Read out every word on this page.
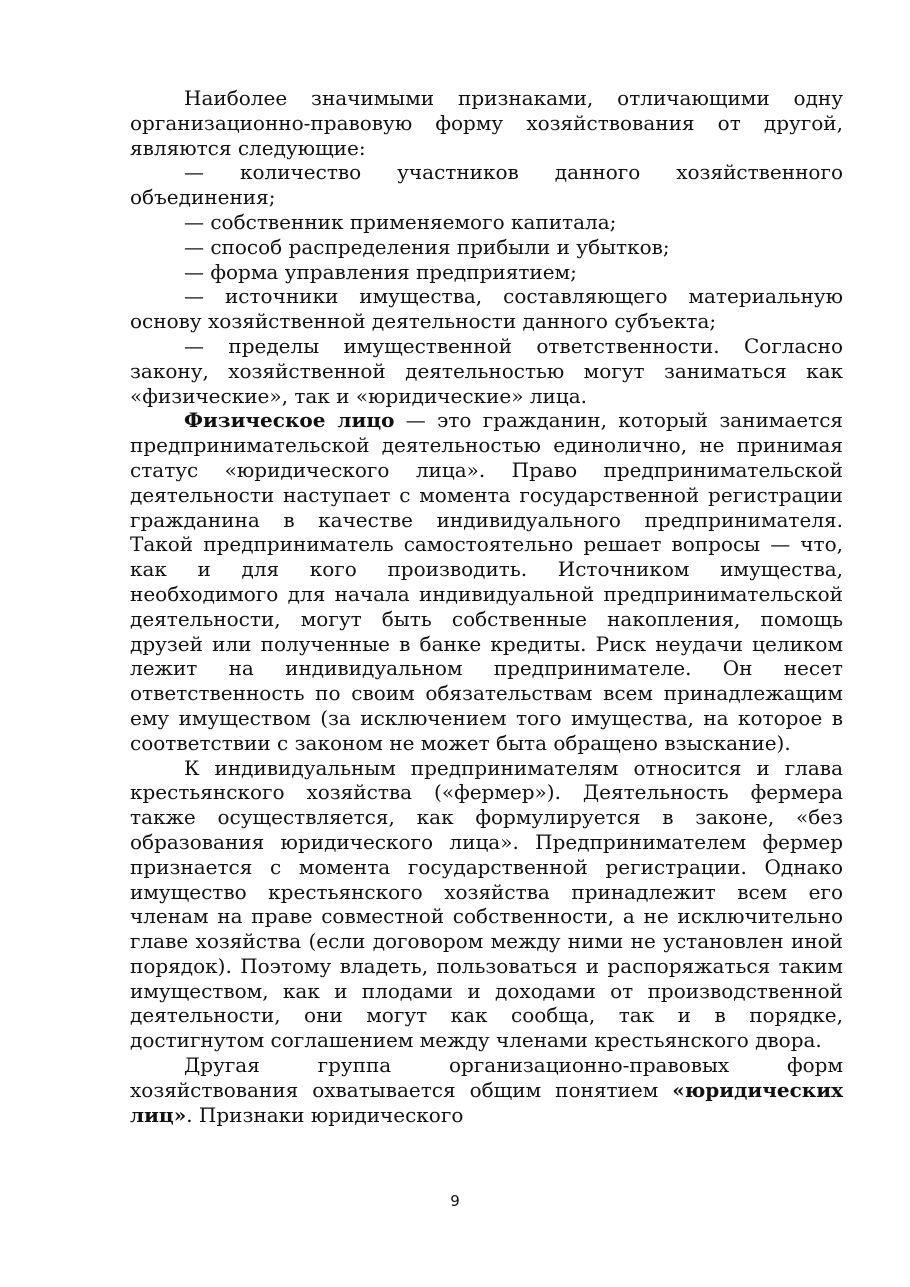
Наиболее значимыми признаками, отличающими одну организационно-правовую форму хозяйствования от другой, являются следующие:

— количество участников данного хозяйственного объединения;

— собственник применяемого капитала;

— способ распределения прибыли и убытков;

— форма управления предприятием;

— источники имущества, составляющего материальную основу хозяйственной деятельности данного субъекта;

— пределы имущественной ответственности. Согласно закону, хозяйственной деятельностью могут заниматься как «физические», так и «юридические» лица.

Физическое лицо — это гражданин, который занимается предпринимательской деятельностью единолично, не принимая статус «юридического лица». Право предпринимательской деятельности наступает с момента государственной регистрации гражданина в качестве индивидуального предпринимателя. Такой предприниматель самостоятельно решает вопросы — что, как и для кого производить. Источником имущества, необходимого для начала индивидуальной предпринимательской деятельности, могут быть собственные накопления, помощь друзей или полученные в банке кредиты. Риск неудачи целиком лежит на индивидуальном предпринимателе. Он несет ответственность по своим обязательствам всем принадлежащим ему имуществом (за исключением того имущества, на которое в соответствии с законом не может быта обращено взыскание).

К индивидуальным предпринимателям относится и глава крестьянского хозяйства («фермер»). Деятельность фермера также осуществляется, как формулируется в законе, «без образования юридического лица». Предпринимателем фермер признается с момента государственной регистрации. Однако имущество крестьянского хозяйства принадлежит всем его членам на праве совместной собственности, а не исключительно главе хозяйства (если договором между ними не установлен иной порядок). Поэтому владеть, пользоваться и распоряжаться таким имуществом, как и плодами и доходами от производственной деятельности, они могут как сообща, так и в порядке, достигнутом соглашением между членами крестьянского двора.

Другая группа организационно-правовых форм хозяйствования охватывается общим понятием «юридических лиц». Признаки юридического

9
